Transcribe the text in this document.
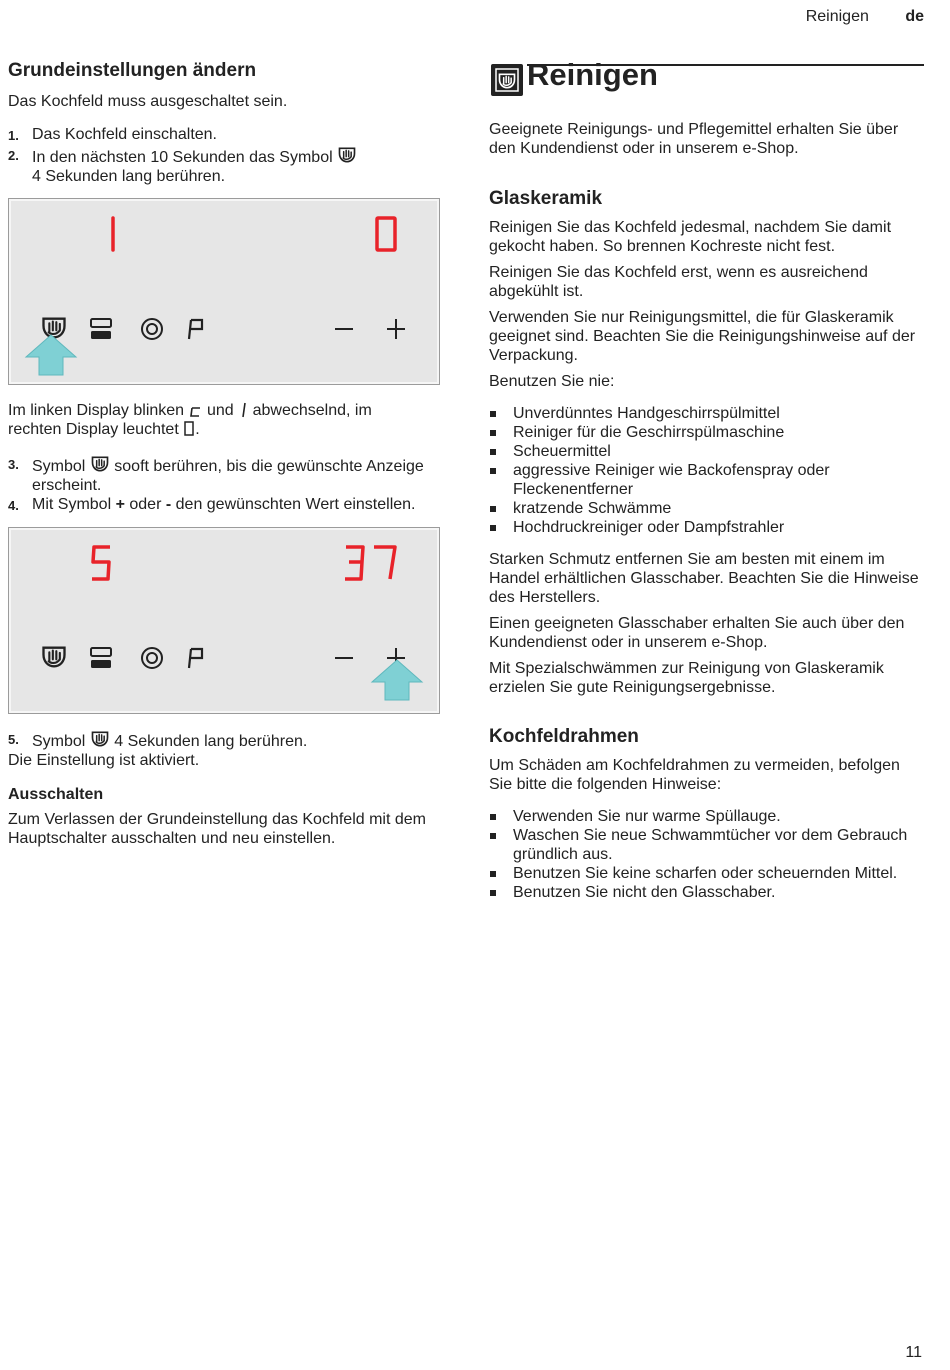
Reinigen de
Grundeinstellungen ändern

Das Kochfeld muss ausgeschaltet sein.

1. Das Kochfeld einschalten.
2. In den nächsten 10 Sekunden das Symbol
4 Sekunden lang berühren.

Im linken Display blinken und abwechselnd, im
rechten Display leuchtet .

3. Symbol sooft berühren, bis die gewünschte Anzeige erscheint.
4. Mit Symbol + oder - den gewünschten Wert einstellen.
5. Symbol 4 Sekunden lang berühren.

Die Einstellung ist aktiviert.

Ausschalten

Zum Verlassen der Grundeinstellung das Kochfeld mit dem Hauptschalter ausschalten und neu einstellen.

Reinigen

Geeignete Reinigungs- und Pflegemittel erhalten Sie über den Kundendienst oder in unserem e-Shop.

Glaskeramik

Reinigen Sie das Kochfeld jedesmal, nachdem Sie damit gekocht haben. So brennen Kochreste nicht fest.

Reinigen Sie das Kochfeld erst, wenn es ausreichend abgekühlt ist.

Verwenden Sie nur Reinigungsmittel, die für Glaskeramik geeignet sind. Beachten Sie die Reinigungshinweise auf der Verpackung.

Benutzen Sie nie:

Unverdünntes Handgeschirrspülmittel
Reiniger für die Geschirrspülmaschine
Scheuermittel
aggressive Reiniger wie Backofenspray oder Fleckenentferner
kratzende Schwämme
Hochdruckreiniger oder Dampfstrahler

Starken Schmutz entfernen Sie am besten mit einem im Handel erhältlichen Glasschaber. Beachten Sie die Hinweise des Herstellers.

Einen geeigneten Glasschaber erhalten Sie auch über den Kundendienst oder in unserem e-Shop.

Mit Spezialschwämmen zur Reinigung von Glaskeramik erzielen Sie gute Reinigungsergebnisse.

Kochfeldrahmen

Um Schäden am Kochfeldrahmen zu vermeiden, befolgen Sie bitte die folgenden Hinweise:

Verwenden Sie nur warme Spüllauge.
Waschen Sie neue Schwammtücher vor dem Gebrauch gründlich aus.
Benutzen Sie keine scharfen oder scheuernden Mittel.
Benutzen Sie nicht den Glasschaber.
11
